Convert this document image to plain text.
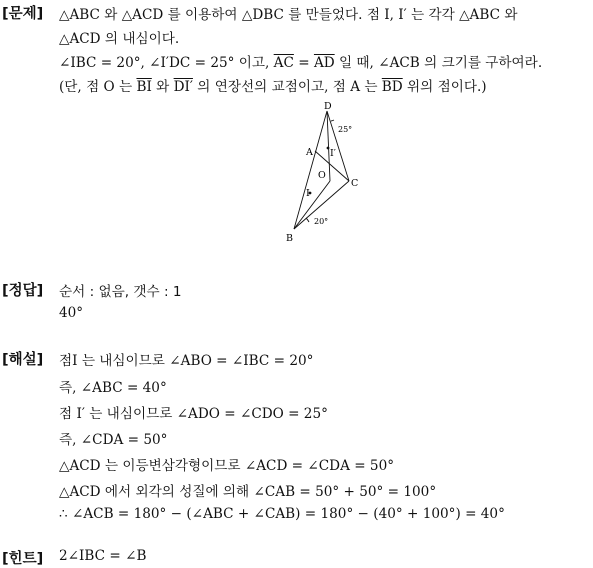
[문제] △ABC 와 △ACD 를 이용하여 △DBC 를 만들었다. 점 I, I′ 는 각각 △ABC 와
△ACD 의 내심이다.
∠IBC = 20°, ∠I′DC = 25° 이고, $\overline{AC} = \overline{AD}$ 일 때, ∠ACB 의 크기를 구하여라.
(단, 점 O 는 $\overline{BI}$ 와 DI′ 의 연장선의 교점이고, 점 A 는 $\overline{BD}$ 위의 점이다.)
D
A I′
O
C
I
B
25°
20°
[정답] 순서 : 없음, 갯수 : 1
40°
[해설] 점I 는 내심이므로 ∠ABO = ∠IBC = 20°
즉, ∠ABC = 40°
점 I′ 는 내심이므로 ∠ADO = ∠CDO = 25°
즉, ∠CDA = 50°
△ACD 는 이등변삼각형이므로 ∠ACD = ∠CDA = 50°
△ACD 에서 외각의 성질에 의해 ∠CAB = 50° + 50° = 100°
∴ ∠ACB = 180° − (∠ABC + ∠CAB) = 180° − (40° + 100°) = 40°
[힌트] 2∠IBC = ∠B
